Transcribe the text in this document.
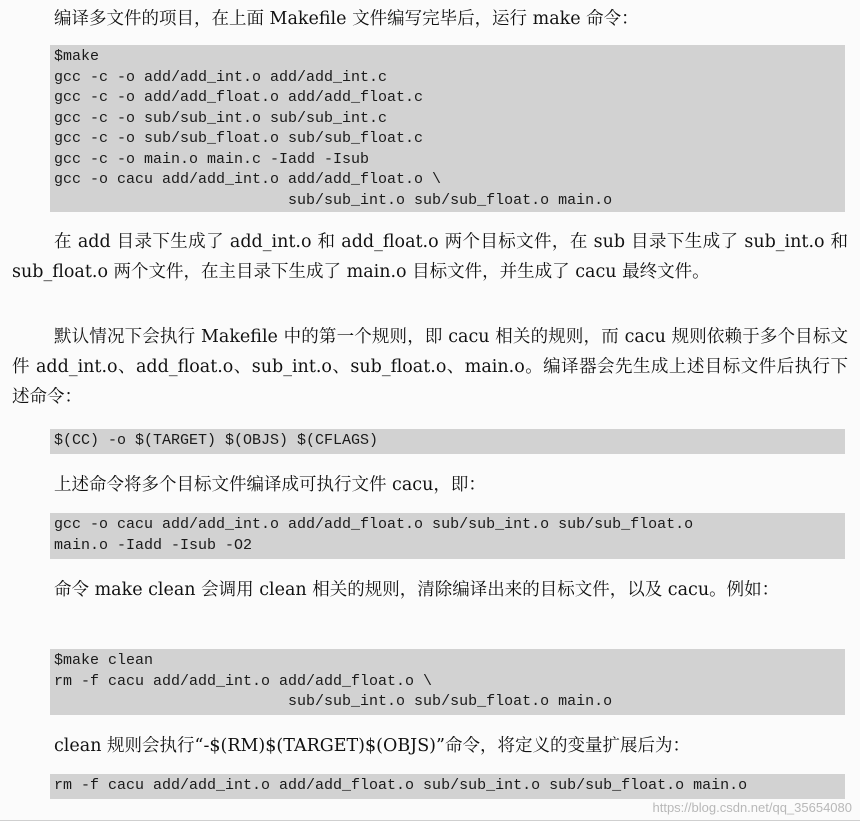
编译多文件的项目，在上面 Makefile 文件编写完毕后，运行 make 命令：

$make
gcc -c -o add/add_int.o add/add_int.c
gcc -c -o add/add_float.o add/add_float.c
gcc -c -o sub/sub_int.o sub/sub_int.c
gcc -c -o sub/sub_float.o sub/sub_float.c
gcc -c -o main.o main.c -Iadd -Isub
gcc -o cacu add/add_int.o add/add_float.o \
sub/sub_int.o sub/sub_float.o main.o

在 add 目录下生成了 add_int.o 和 add_float.o 两个目标文件，在 sub 目录下生成了 sub_int.o 和 sub_float.o 两个文件，在主目录下生成了 main.o 目标文件，并生成了 cacu 最终文件。

默认情况下会执行 Makefile 中的第一个规则，即 cacu 相关的规则，而 cacu 规则依赖于多个目标文件 add_int.o、add_float.o、sub_int.o、sub_float.o、main.o。编译器会先生成上述目标文件后执行下述命令：

$(CC) -o $(TARGET) $(OBJS) $(CFLAGS)

上述命令将多个目标文件编译成可执行文件 cacu，即：

gcc -o cacu add/add_int.o add/add_float.o sub/sub_int.o sub/sub_float.o
main.o -Iadd -Isub -O2

命令 make clean 会调用 clean 相关的规则，清除编译出来的目标文件，以及 cacu。例如：

$make clean
rm -f cacu add/add_int.o add/add_float.o \
sub/sub_int.o sub/sub_float.o main.o

clean 规则会执行“-$(RM)$(TARGET)$(OBJS)”命令，将定义的变量扩展后为：

rm -f cacu add/add_int.o add/add_float.o sub/sub_int.o sub/sub_float.o main.o
https://blog.csdn.net/qq_35654080
